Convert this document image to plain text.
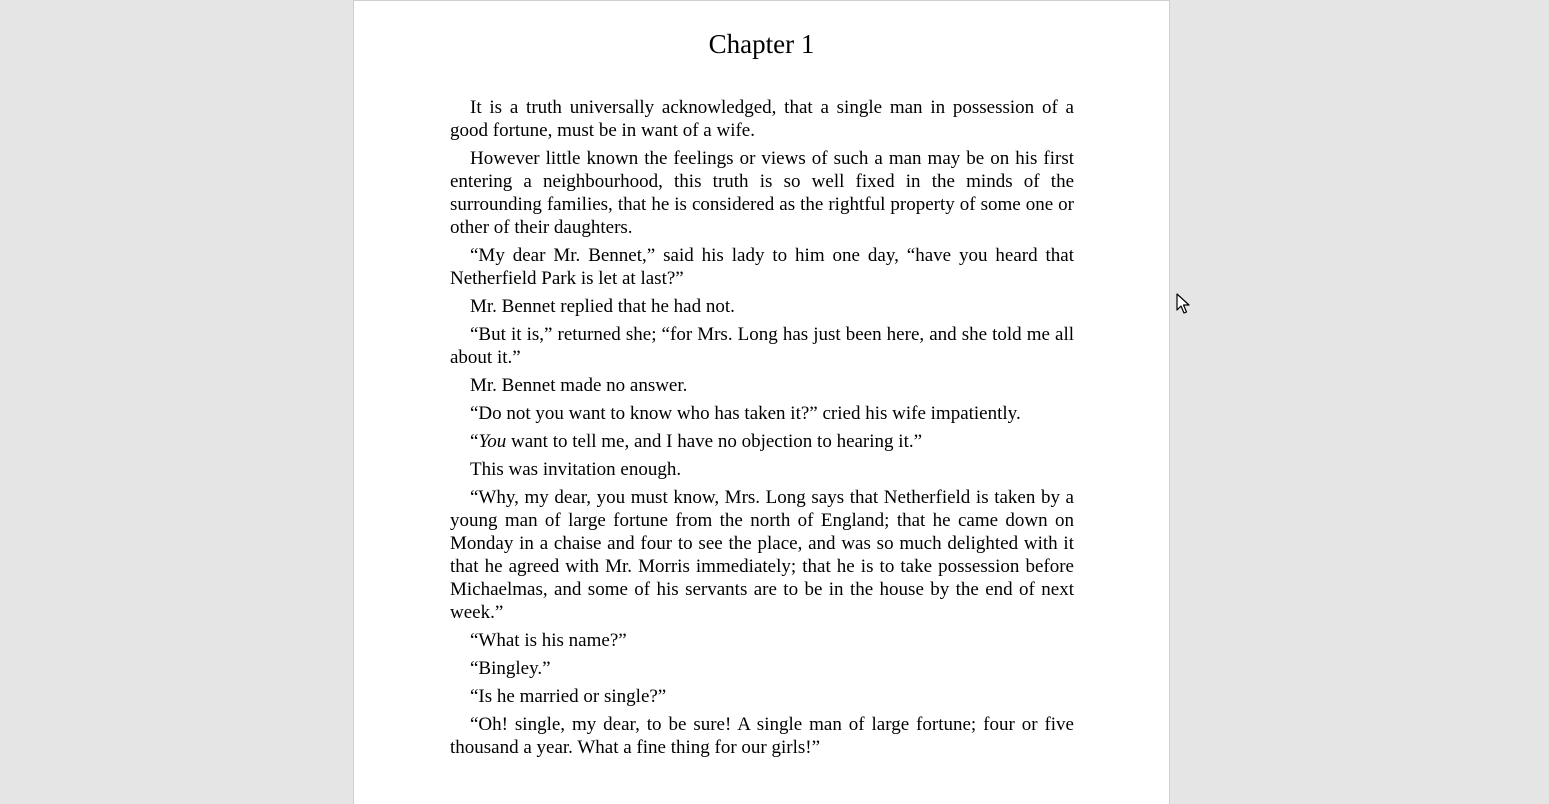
Chapter 1

It is a truth universally acknowledged, that a single man in possession of a good fortune, must be in want of a wife.

However little known the feelings or views of such a man may be on his first entering a neighbourhood, this truth is so well fixed in the minds of the surrounding families, that he is considered as the rightful property of some one or other of their daughters.

“My dear Mr. Bennet,” said his lady to him one day, “have you heard that Netherfield Park is let at last?”

Mr. Bennet replied that he had not.

“But it is,” returned she; “for Mrs. Long has just been here, and she told me all about it.”

Mr. Bennet made no answer.

“Do not you want to know who has taken it?” cried his wife impatiently.

“You want to tell me, and I have no objection to hearing it.”

This was invitation enough.

“Why, my dear, you must know, Mrs. Long says that Netherfield is taken by a young man of large fortune from the north of England; that he came down on Monday in a chaise and four to see the place, and was so much delighted with it that he agreed with Mr. Morris immediately; that he is to take possession before Michaelmas, and some of his servants are to be in the house by the end of next week.”

“What is his name?”

“Bingley.”

“Is he married or single?”

“Oh! single, my dear, to be sure! A single man of large fortune; four or five thousand a year. What a fine thing for our girls!”
